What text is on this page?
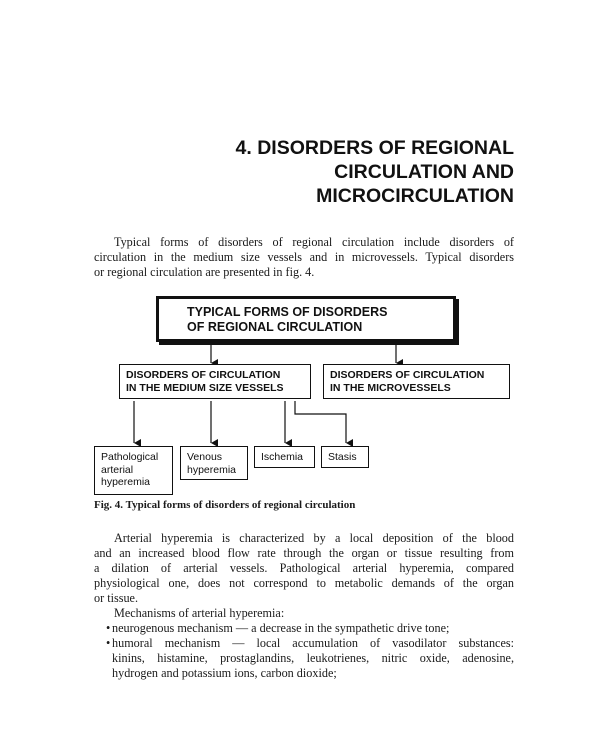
4. DISORDERS OF REGIONAL
CIRCULATION AND
MICROCIRCULATION

Typical forms of disorders of regional circulation include disorders of
circulation in the medium size vessels and in microvessels. Typical disorders
or regional circulation are presented in fig. 4.

TYPICAL FORMS OF DISORDERS
OF REGIONAL CIRCULATION
DISORDERS OF CIRCULATION
IN THE MEDIUM SIZE VESSELS
DISORDERS OF CIRCULATION
IN THE MICROVESSELS
Pathological
arterial
hyperemia
Venous
hyperemia
Ischemia	Stasis
Fig. 4. Typical forms of disorders of regional circulation

Arterial hyperemia is characterized by a local deposition of the blood
and an increased blood flow rate through the organ or tissue resulting from
a dilation of arterial vessels. Pathological arterial hyperemia, compared
physiological one, does not correspond to metabolic demands of the organ
or tissue.

Mechanisms of arterial hyperemia:
• neurogenous mechanism — a decrease in the sympathetic drive tone;
• humoral mechanism — local accumulation of vasodilator substances:
kinins, histamine, prostaglandins, leukotrienes, nitric oxide, adenosine,
hydrogen and potassium ions, carbon dioxide;
